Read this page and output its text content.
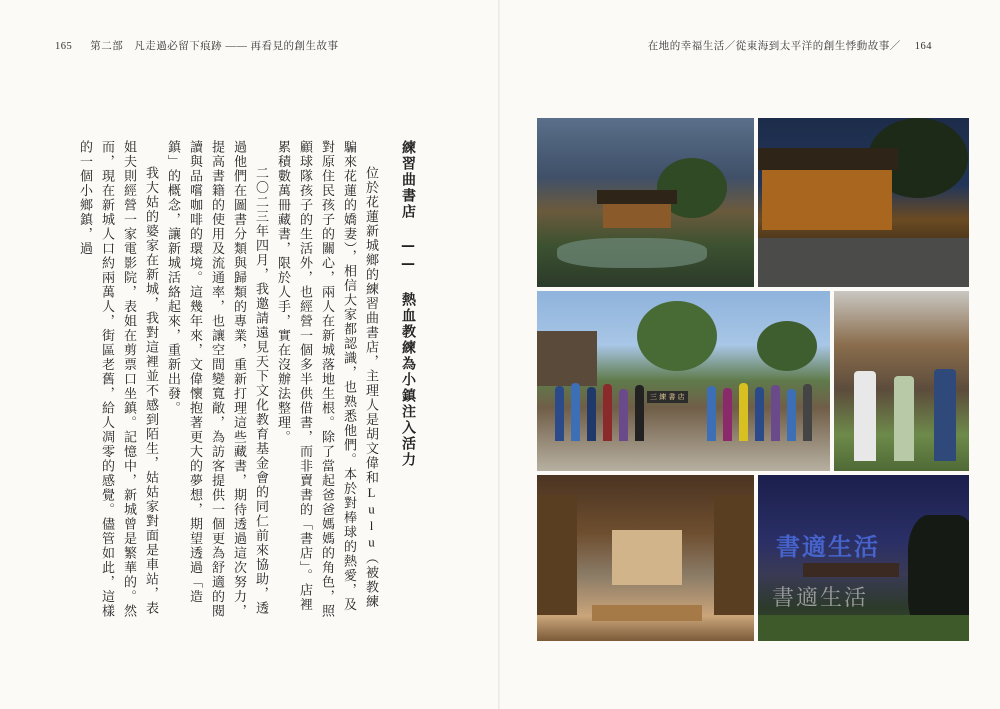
165 第二部　凡走過必留下痕跡 —— 再看見的創生故事
練習曲書店 —— 熱血教練為小鎮注入活力

位於花蓮新城鄉的練習曲書店，主理人是胡文偉和Lulu（被教練騙來花蓮的嬌妻），相信大家都認識，也熟悉他們。本於對棒球的熱愛，及對原住民孩子的關心，兩人在新城落地生根。除了當起爸爸媽媽的角色，照顧球隊孩子的生活外，也經營一個多半供借書，而非賣書的「書店」。店裡累積數萬冊藏書，限於人手，實在沒辦法整理。

二〇二三年四月，我邀請遠見天下文化教育基金會的同仁前來協助，透過他們在圖書分類與歸類的專業，重新打理這些藏書，期待透過這次努力，提高書籍的使用及流通率，也讓空間變寬敞，為訪客提供一個更為舒適的閱讀與品嚐咖啡的環境。這幾年來，文偉懷抱著更大的夢想，期望透過「造鎮」的概念，讓新城活絡起來，重新出發。

我大姑的婆家在新城，我對這裡並不感到陌生，姑姑家對面是車站，表姐夫則經營一家電影院，表姐在剪票口坐鎮。記憶中，新城曾是繁華的。然而，現在新城人口約兩萬人，街區老舊，給人凋零的感覺。儘管如此，這樣的一個小鄉鎮，過

在地的幸福生活／從東海到太平洋的創生悸動故事／ 164
三 練 書 店
書適生活
書適生活
